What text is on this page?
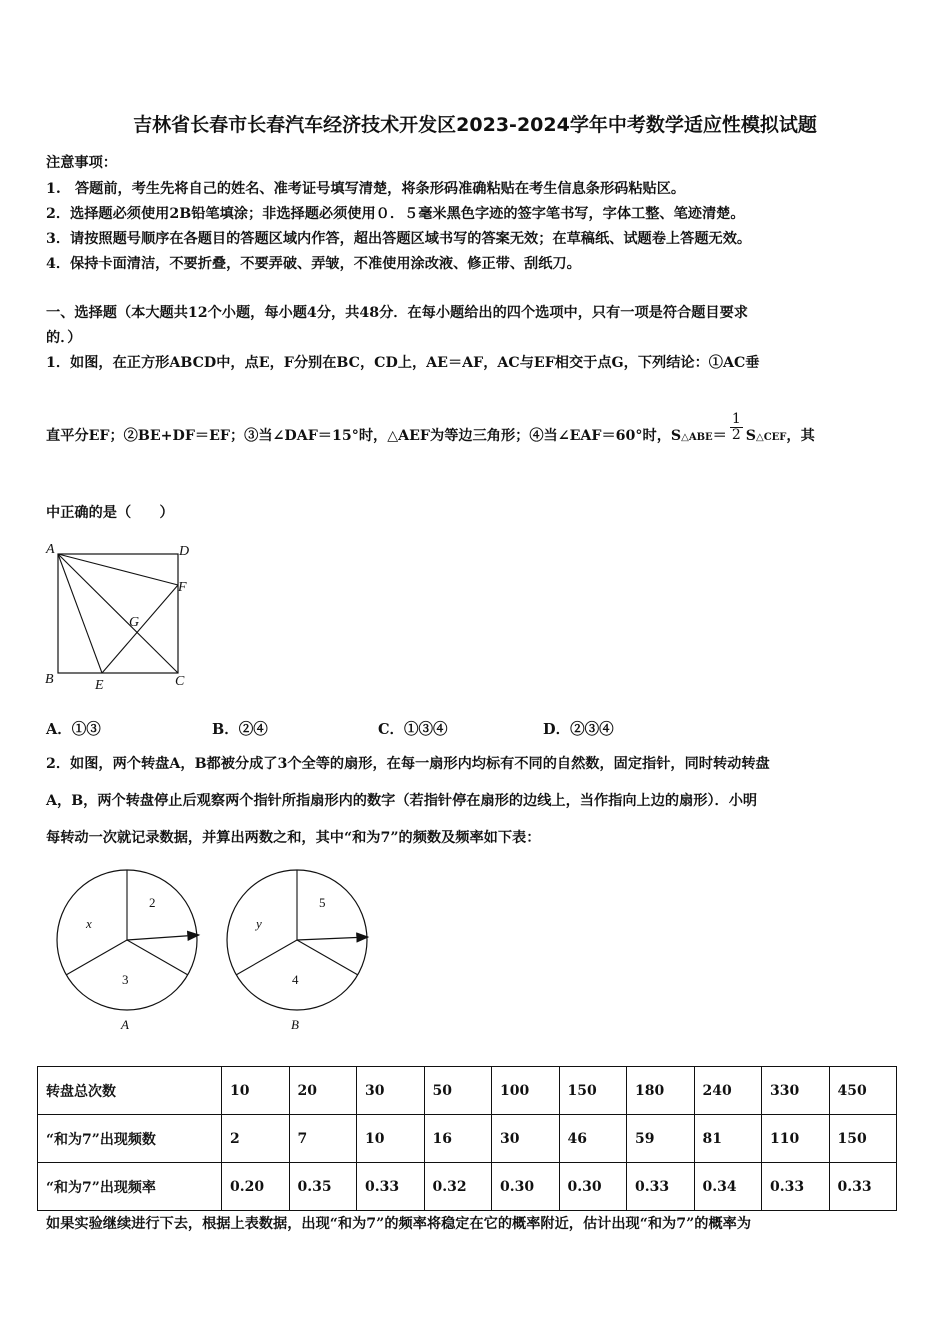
吉林省长春市长春汽车经济技术开发区2023-2024学年中考数学适应性模拟试题
注意事项：
1.　答题前，考生先将自己的姓名、准考证号填写清楚，将条形码准确粘贴在考生信息条形码粘贴区。
2．选择题必须使用2B铅笔填涂；非选择题必须使用０．５毫米黑色字迹的签字笔书写，字体工整、笔迹清楚。
3．请按照题号顺序在各题目的答题区域内作答，超出答题区域书写的答案无效；在草稿纸、试题卷上答题无效。
4．保持卡面清洁，不要折叠，不要弄破、弄皱，不准使用涂改液、修正带、刮纸刀。
一、选择题（本大题共12个小题，每小题4分，共48分．在每小题给出的四个选项中，只有一项是符合题目要求
的．）
1．如图，在正方形ABCD中，点E，F分别在BC，CD上，AE＝AF，AC与EF相交于点G，下列结论：①AC垂
直平分EF；②BE+DF＝EF；③当∠DAF＝15°时，△AEF为等边三角形；④当∠EAF＝60°时，S△ABE＝ $\frac{1}{2}$ S△CEF，其
中正确的是（　　）
A	D
F
G
B	E	C
A．①③	B．②④	C．①③④	D．②③④
2．如图，两个转盘A，B都被分成了3个全等的扇形，在每一扇形内均标有不同的自然数，固定指针，同时转动转盘
A，B，两个转盘停止后观察两个指针所指扇形内的数字（若指针停在扇形的边线上，当作指向上边的扇形）．小明
每转动一次就记录数据，并算出两数之和，其中“和为7”的频数及频率如下表：
2
x
3
A
5
y
4
B
转盘总次数	10	20	30	50	100	150	180	240	330	450
“和为7”出现频数	2	7	10	16	30	46	59	81	110	150
“和为7”出现频率	0.20	0.35	0.33	0.32	0.30	0.30	0.33	0.34	0.33	0.33
如果实验继续进行下去，根据上表数据，出现“和为7”的频率将稳定在它的概率附近，估计出现“和为7”的概率为
